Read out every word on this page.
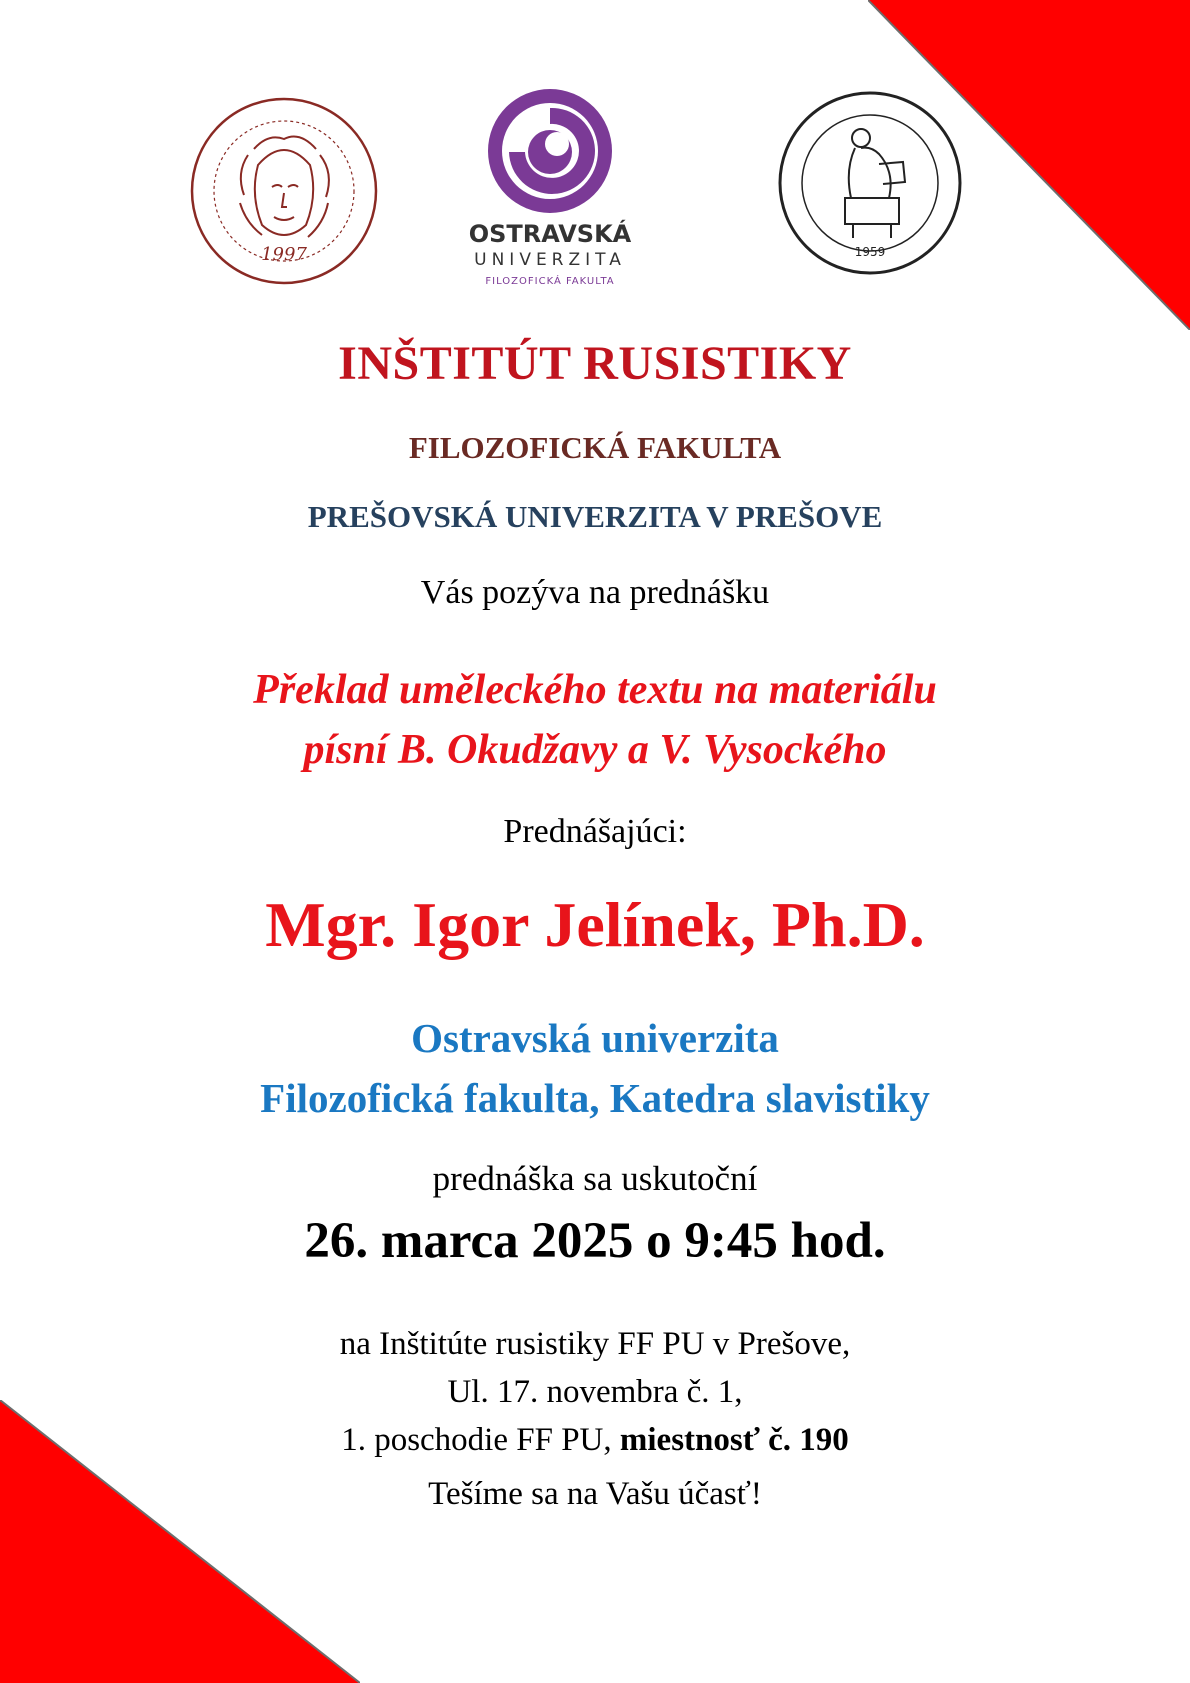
1997
OSTRAVSKÁ
UNIVERZITA
FILOZOFICKÁ FAKULTA
1959
INŠTITÚT RUSISTIKY
FILOZOFICKÁ FAKULTA
PREŠOVSKÁ UNIVERZITA V PREŠOVE
Vás pozýva na prednášku
Překlad uměleckého textu na materiálu
písní B. Okudžavy a V. Vysockého
Prednášajúci:
Mgr. Igor Jelínek, Ph.D.
Ostravská univerzita
Filozofická fakulta, Katedra slavistiky
prednáška sa uskutoční
26. marca 2025 o 9:45 hod.
na Inštitúte rusistiky FF PU v Prešove,
Ul. 17. novembra č. 1,
1. poschodie FF PU, miestnosť č. 190
Tešíme sa na Vašu účasť!
